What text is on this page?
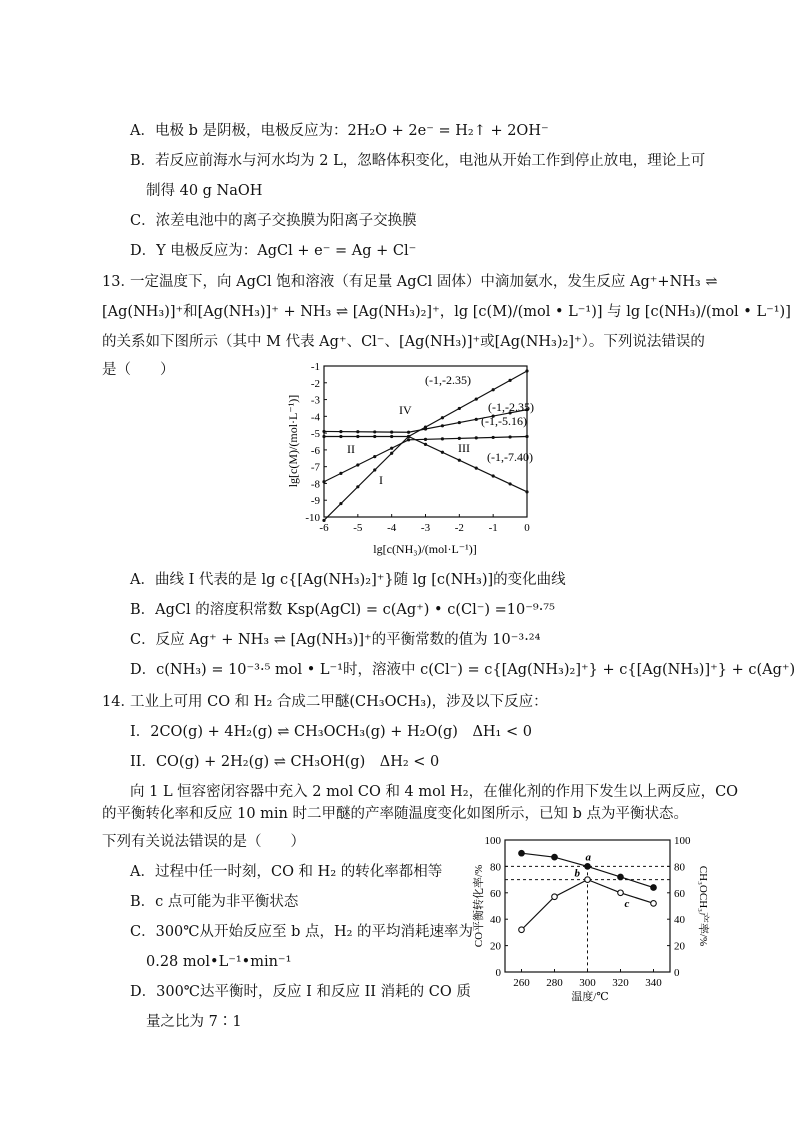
A．电极 b 是阴极，电极反应为：2H₂O + 2e⁻ = H₂↑ + 2OH⁻
B．若反应前海水与河水均为 2 L，忽略体积变化，电池从开始工作到停止放电，理论上可
制得 40 g NaOH
C．浓差电池中的离子交换膜为阳离子交换膜
D．Y 电极反应为：AgCl + e⁻ = Ag + Cl⁻
13．
一定温度下，向 AgCl 饱和溶液（有足量 AgCl 固体）中滴加氨水，发生反应 Ag⁺+NH₃ ⇌
[Ag(NH₃)]⁺和[Ag(NH₃)]⁺ + NH₃ ⇌ [Ag(NH₃)₂]⁺，lg [c(M)/(mol • L⁻¹)] 与 lg [c(NH₃)/(mol • L⁻¹)]
的关系如下图所示（其中 M 代表 Ag⁺、Cl⁻、[Ag(NH₃)]⁺或[Ag(NH₃)₂]⁺）。下列说法错误的
是（　　）
-6 -5 -4 -3 -2 -1 0
-1
-2
-3
-4
-5
-6
-7
-8
-9
-10
I
II	III
IV
(-1,-2.35)
(-1,-2.35)
(-1,-5.16)
(-1,-7.40)
lg[c(NH₃)/(mol·L⁻¹)]
lg[c(M)/(mol·L⁻¹)]
A．曲线 I 代表的是 lg c{[Ag(NH₃)₂]⁺}随 lg [c(NH₃)]的变化曲线
B．AgCl 的溶度积常数 Ksp(AgCl) = c(Ag⁺) • c(Cl⁻) =10⁻⁹·⁷⁵
C．反应 Ag⁺ + NH₃ ⇌ [Ag(NH₃)]⁺的平衡常数的值为 10⁻³·²⁴
D．c(NH₃) = 10⁻³·⁵ mol • L⁻¹时，溶液中 c(Cl⁻) = c{[Ag(NH₃)₂]⁺} + c{[Ag(NH₃)]⁺} + c(Ag⁺)
14．
工业上可用 CO 和 H₂ 合成二甲醚(CH₃OCH₃)，涉及以下反应：
I．2CO(g) + 4H₂(g) ⇌ CH₃OCH₃(g) + H₂O(g)　ΔH₁ < 0
II．CO(g) + 2H₂(g) ⇌ CH₃OH(g)　ΔH₂ < 0
向 1 L 恒容密闭容器中充入 2 mol CO 和 4 mol H₂，在催化剂的作用下发生以上两反应，CO
的平衡转化率和反应 10 min 时二甲醚的产率随温度变化如图所示，已知 b 点为平衡状态。
下列有关说法错误的是（　　）
A．过程中任一时刻，CO 和 H₂ 的转化率都相等
B．c 点可能为非平衡状态
C．300℃从开始反应至 b 点，H₂ 的平均消耗速率为
0.28 mol•L⁻¹•min⁻¹
D．300℃达平衡时，反应 I 和反应 II 消耗的 CO 质
量之比为 7∶1
260 280 300 320 340
0	0
20	20
40	40
60	60
80	80
100	100
a
b
c
温度/℃
CO平衡转化率/%	CH₃OCH₃产率/%
